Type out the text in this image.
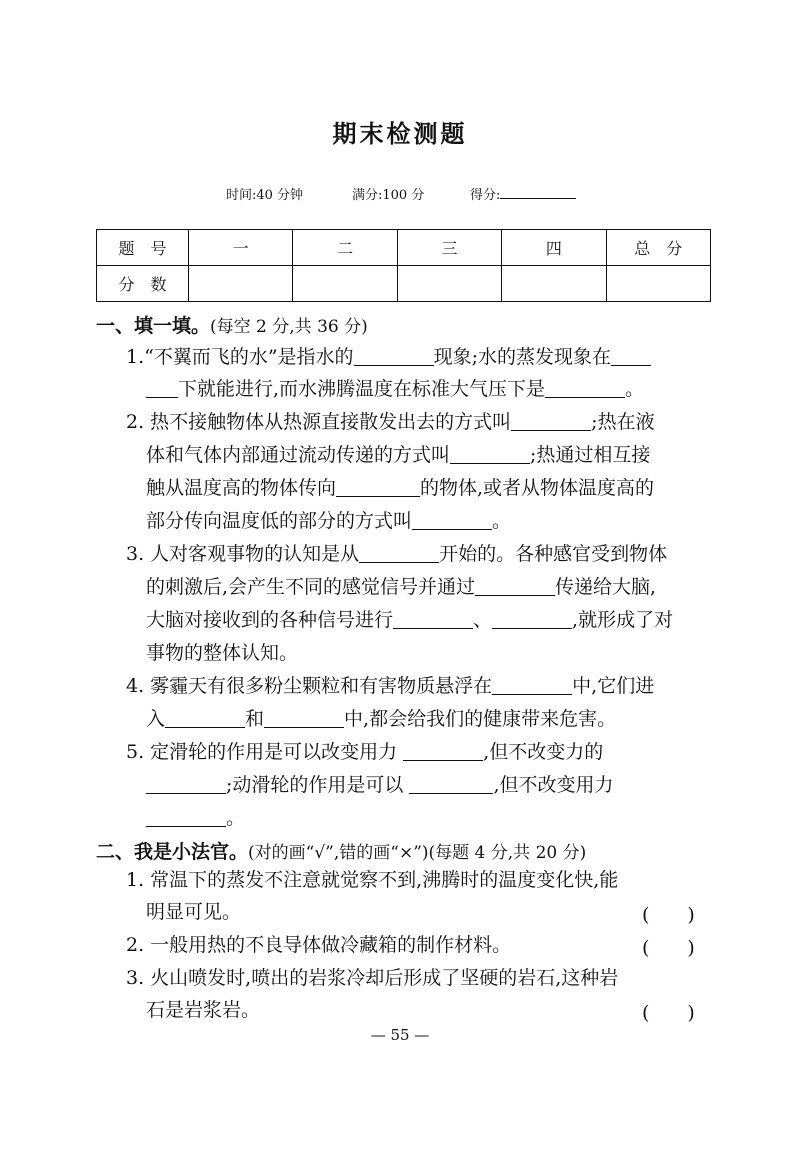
期末检测题
时间:40 分钟	满分:100 分	得分:
题　号	一	二	三	四	总　分
分　数					
一、填一填。(每空 2 分,共 36 分)
1.“不翼而飞的水”是指水的	现象;水的蒸发现象在
下就能进行,而水沸腾温度在标准大气压下是	。
2. 热不接触物体从热源直接散发出去的方式叫	;热在液
体和气体内部通过流动传递的方式叫	;热通过相互接
触从温度高的物体传向	的物体,或者从物体温度高的
部分传向温度低的部分的方式叫	。
3. 人对客观事物的认知是从	开始的。各种感官受到物体
的刺激后,会产生不同的感觉信号并通过	传递给大脑,
大脑对接收到的各种信号进行	、	,就形成了对
事物的整体认知。
4. 雾霾天有很多粉尘颗粒和有害物质悬浮在	中,它们进
入	和	中,都会给我们的健康带来危害。
5. 定滑轮的作用是可以改变用力	,但不改变力的
;动滑轮的作用是可以	,但不改变用力
。
二、我是小法官。(对的画“√”,错的画“×”)(每题 4 分,共 20 分)
1. 常温下的蒸发不注意就觉察不到,沸腾时的温度变化快,能
明显可见。	(　　)
2. 一般用热的不良导体做冷藏箱的制作材料。	(　　)
3. 火山喷发时,喷出的岩浆冷却后形成了坚硬的岩石,这种岩
石是岩浆岩。	(　　)
— 55 —
